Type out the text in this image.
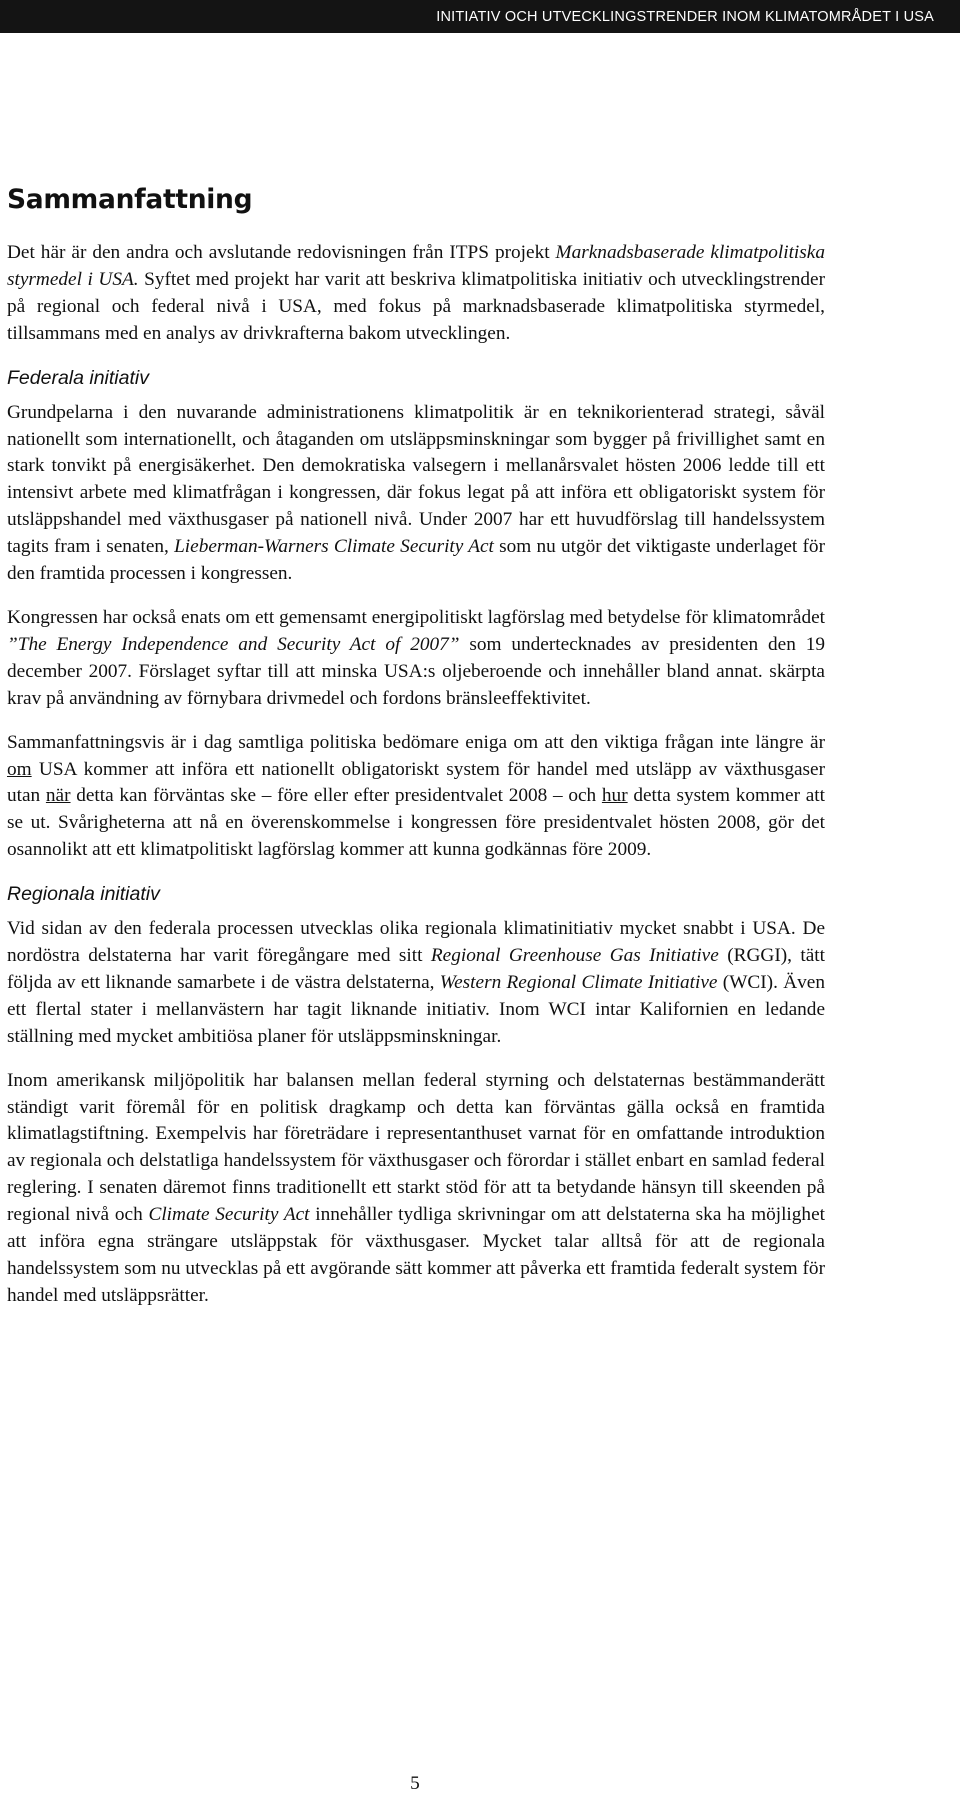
INITIATIV OCH UTVECKLINGSTRENDER INOM KLIMATOMRÅDET I USA
Sammanfattning

Det här är den andra och avslutande redovisningen från ITPS projekt Marknadsbaserade klimatpolitiska styrmedel i USA. Syftet med projekt har varit att beskriva klimatpolitiska initiativ och utvecklingstrender på regional och federal nivå i USA, med fokus på marknadsbaserade klimatpolitiska styrmedel, tillsammans med en analys av drivkrafterna bakom utvecklingen.

Federala initiativ

Grundpelarna i den nuvarande administrationens klimatpolitik är en teknikorienterad strategi, såväl nationellt som internationellt, och åtaganden om utsläppsminskningar som bygger på frivillighet samt en stark tonvikt på energisäkerhet. Den demokratiska valsegern i mellanårsvalet hösten 2006 ledde till ett intensivt arbete med klimatfrågan i kongressen, där fokus legat på att införa ett obligatoriskt system för utsläppshandel med växthusgaser på nationell nivå. Under 2007 har ett huvudförslag till handelssystem tagits fram i senaten, Lieberman-Warners Climate Security Act som nu utgör det viktigaste underlaget för den framtida processen i kongressen.

Kongressen har också enats om ett gemensamt energipolitiskt lagförslag med betydelse för klimatområdet ”The Energy Independence and Security Act of 2007” som undertecknades av presidenten den 19 december 2007. Förslaget syftar till att minska USA:s oljeberoende och innehåller bland annat. skärpta krav på användning av förnybara drivmedel och fordons bränsleeffektivitet.

Sammanfattningsvis är i dag samtliga politiska bedömare eniga om att den viktiga frågan inte längre är om USA kommer att införa ett nationellt obligatoriskt system för handel med utsläpp av växthusgaser utan när detta kan förväntas ske – före eller efter presidentvalet 2008 – och hur detta system kommer att se ut. Svårigheterna att nå en överenskommelse i kongressen före presidentvalet hösten 2008, gör det osannolikt att ett klimatpolitiskt lagförslag kommer att kunna godkännas före 2009.

Regionala initiativ

Vid sidan av den federala processen utvecklas olika regionala klimatinitiativ mycket snabbt i USA. De nordöstra delstaterna har varit föregångare med sitt Regional Greenhouse Gas Initiative (RGGI), tätt följda av ett liknande samarbete i de västra delstaterna, Western Regional Climate Initiative (WCI). Även ett flertal stater i mellanvästern har tagit liknande initiativ. Inom WCI intar Kalifornien en ledande ställning med mycket ambitiösa planer för utsläppsminskningar.

Inom amerikansk miljöpolitik har balansen mellan federal styrning och delstaternas bestämmanderätt ständigt varit föremål för en politisk dragkamp och detta kan förväntas gälla också en framtida klimatlagstiftning. Exempelvis har företrädare i representanthuset varnat för en omfattande introduktion av regionala och delstatliga handelssystem för växthusgaser och förordar i stället enbart en samlad federal reglering. I senaten däremot finns traditionellt ett starkt stöd för att ta betydande hänsyn till skeenden på regional nivå och Climate Security Act innehåller tydliga skrivningar om att delstaterna ska ha möjlighet att införa egna strängare utsläppstak för växthusgaser. Mycket talar alltså för att de regionala handelssystem som nu utvecklas på ett avgörande sätt kommer att påverka ett framtida federalt system för handel med utsläppsrätter.

5
